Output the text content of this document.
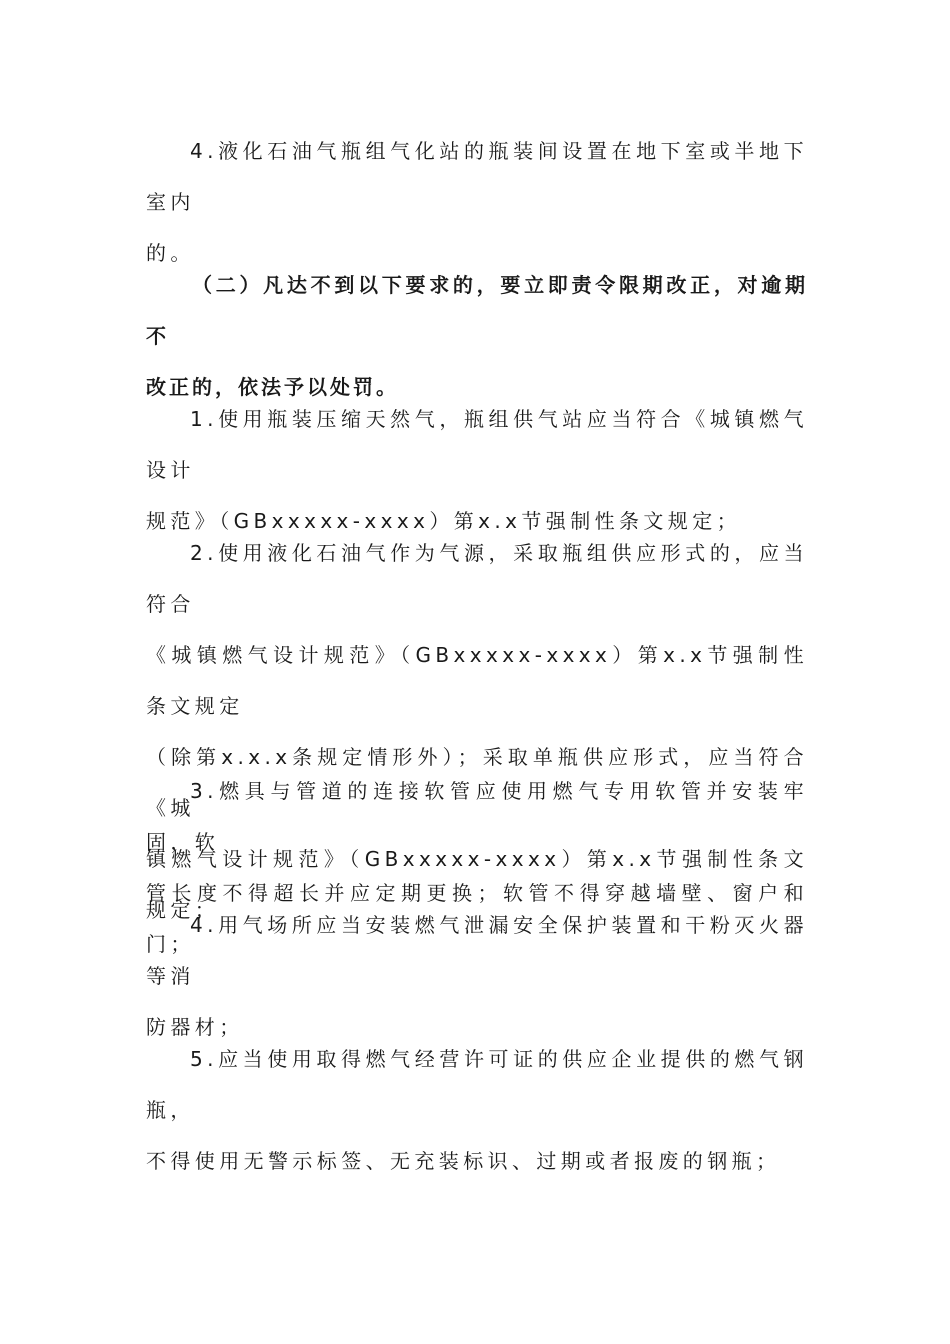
4.液化石油气瓶组气化站的瓶装间设置在地下室或半地下室内
的。

（二）凡达不到以下要求的，要立即责令限期改正，对逾期不
改正的，依法予以处罚。

1.使用瓶装压缩天然气，瓶组供气站应当符合《城镇燃气设计
规范》（GBxxxxx-xxxx）第x.x节强制性条文规定；

2.使用液化石油气作为气源，采取瓶组供应形式的，应当符合
《城镇燃气设计规范》（GBxxxxx-xxxx）第x.x节强制性条文规定
（除第x.x.x条规定情形外）；采取单瓶供应形式，应当符合《城
镇燃气设计规范》（GBxxxxx-xxxx）第x.x节强制性条文规定；

3.燃具与管道的连接软管应使用燃气专用软管并安装牢固，软
管长度不得超长并应定期更换；软管不得穿越墙壁、窗户和门；

4.用气场所应当安装燃气泄漏安全保护装置和干粉灭火器等消
防器材；

5.应当使用取得燃气经营许可证的供应企业提供的燃气钢瓶，
不得使用无警示标签、无充装标识、过期或者报废的钢瓶；
